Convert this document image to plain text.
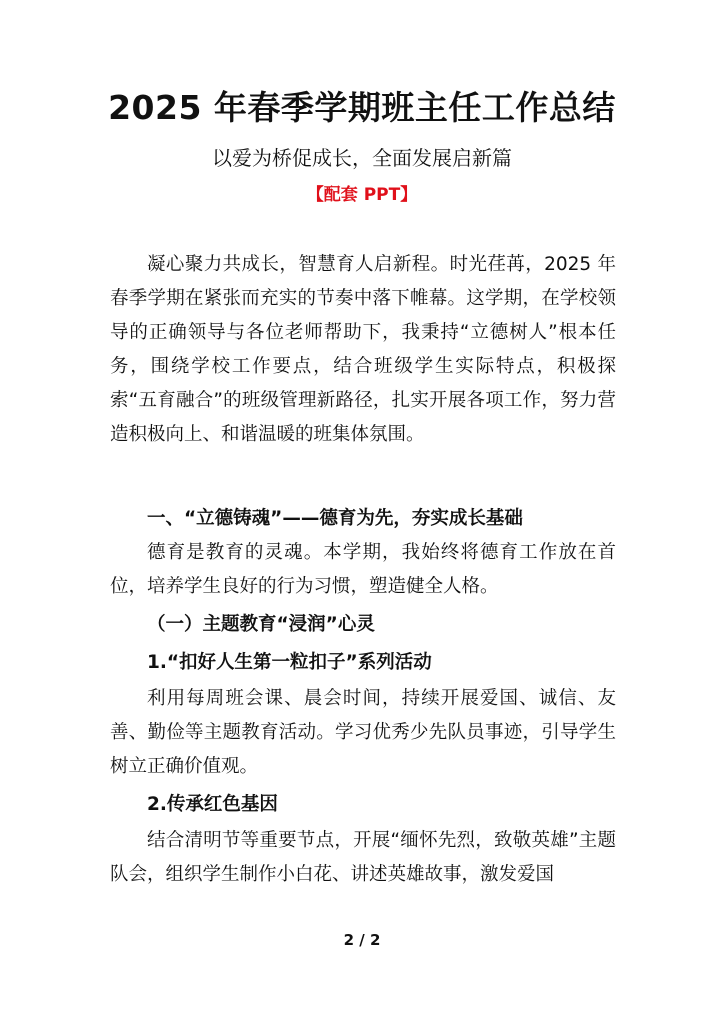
2025 年春季学期班主任工作总结
以爱为桥促成长，全面发展启新篇
【配套 PPT】

凝心聚力共成长，智慧育人启新程。时光荏苒，2025 年春季学期在紧张而充实的节奏中落下帷幕。这学期，在学校领导的正确领导与各位老师帮助下，我秉持“立德树人”根本任务，围绕学校工作要点，结合班级学生实际特点，积极探索“五育融合”的班级管理新路径，扎实开展各项工作，努力营造积极向上、和谐温暖的班集体氛围。

一、“立德铸魂”——德育为先，夯实成长基础

德育是教育的灵魂。本学期，我始终将德育工作放在首位，培养学生良好的行为习惯，塑造健全人格。

（一）主题教育“浸润”心灵

1.“扣好人生第一粒扣子”系列活动

利用每周班会课、晨会时间，持续开展爱国、诚信、友善、勤俭等主题教育活动。学习优秀少先队员事迹，引导学生树立正确价值观。

2.传承红色基因

结合清明节等重要节点，开展“缅怀先烈，致敬英雄”主题队会，组织学生制作小白花、讲述英雄故事，激发爱国

2 / 2
